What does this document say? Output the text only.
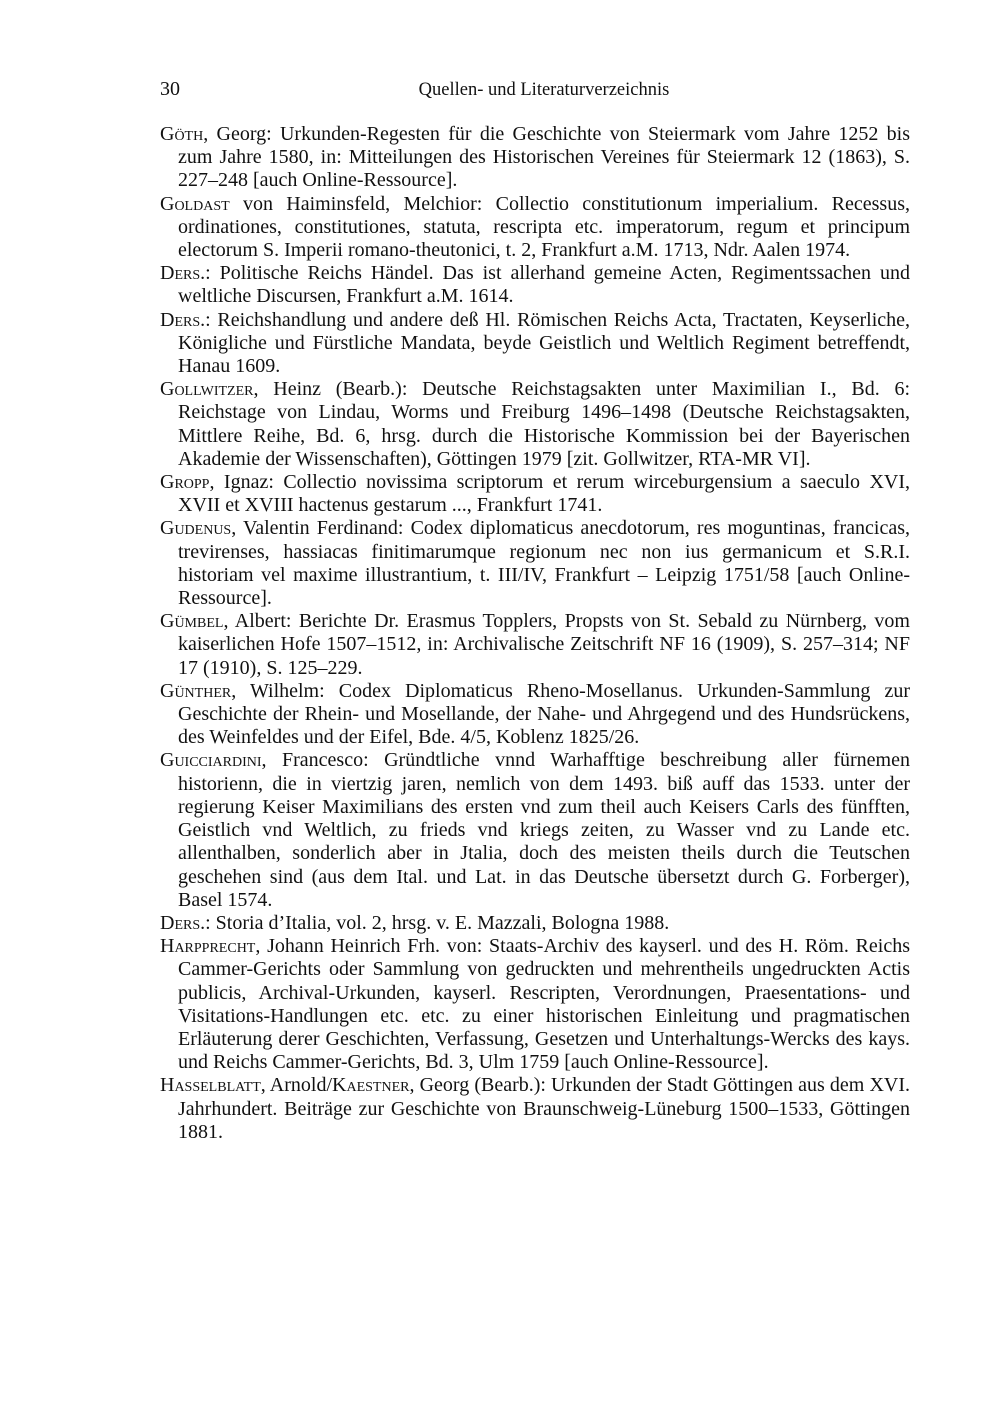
30	Quellen- und Literaturverzeichnis

Göth, Georg: Urkunden-Regesten für die Geschichte von Steiermark vom Jahre 1252 bis zum Jahre 1580, in: Mitteilungen des Historischen Vereines für Steiermark 12 (1863), S. 227–248 [auch Online-Ressource].

Goldast von Haiminsfeld, Melchior: Collectio constitutionum imperialium. Recessus, ordinationes, constitutiones, statuta, rescripta etc. imperatorum, regum et principum electorum S. Imperii romano-theutonici, t. 2, Frankfurt a.M. 1713, Ndr. Aalen 1974.

Ders.: Politische Reichs Händel. Das ist allerhand gemeine Acten, Regimentssachen und weltliche Discursen, Frankfurt a.M. 1614.

Ders.: Reichshandlung und andere deß Hl. Römischen Reichs Acta, Tractaten, Keyserliche, Königliche und Fürstliche Mandata, beyde Geistlich und Weltlich Regiment betreffendt, Hanau 1609.

Gollwitzer, Heinz (Bearb.): Deutsche Reichstagsakten unter Maximilian I., Bd. 6: Reichstage von Lindau, Worms und Freiburg 1496–1498 (Deutsche Reichstagsakten, Mittlere Reihe, Bd. 6, hrsg. durch die Historische Kommission bei der Bayerischen Akademie der Wissenschaften), Göttingen 1979 [zit. Gollwitzer, RTA-MR VI].

Gropp, Ignaz: Collectio novissima scriptorum et rerum wirceburgensium a saeculo XVI, XVII et XVIII hactenus gestarum ..., Frankfurt 1741.

Gudenus, Valentin Ferdinand: Codex diplomaticus anecdotorum, res moguntinas, francicas, trevirenses, hassiacas finitimarumque regionum nec non ius germanicum et S.R.I. historiam vel maxime illustrantium, t. III/IV, Frankfurt – Leipzig 1751/58 [auch Online-Ressource].

Gümbel, Albert: Berichte Dr. Erasmus Topplers, Propsts von St. Sebald zu Nürnberg, vom kaiserlichen Hofe 1507–1512, in: Archivalische Zeitschrift NF 16 (1909), S. 257–314; NF 17 (1910), S. 125–229.

Günther, Wilhelm: Codex Diplomaticus Rheno-Mosellanus. Urkunden-Sammlung zur Geschichte der Rhein- und Mosellande, der Nahe- und Ahrgegend und des Hundsrückens, des Weinfeldes und der Eifel, Bde. 4/5, Koblenz 1825/26.

Guicciardini, Francesco: Gründtliche vnnd Warhafftige beschreibung aller fürnemen historienn, die in viertzig jaren, nemlich von dem 1493. biß auff das 1533. unter der regierung Keiser Maximilians des ersten vnd zum theil auch Keisers Carls des fünfften, Geistlich vnd Weltlich, zu frieds vnd kriegs zeiten, zu Wasser vnd zu Lande etc. allenthalben, sonderlich aber in Jtalia, doch des meisten theils durch die Teutschen geschehen sind (aus dem Ital. und Lat. in das Deutsche übersetzt durch G. Forberger), Basel 1574.

Ders.: Storia d’Italia, vol. 2, hrsg. v. E. Mazzali, Bologna 1988.

Harpprecht, Johann Heinrich Frh. von: Staats-Archiv des kayserl. und des H. Röm. Reichs Cammer-Gerichts oder Sammlung von gedruckten und mehrentheils ungedruckten Actis publicis, Archival-Urkunden, kayserl. Rescripten, Verordnungen, Praesentations- und Visitations-Handlungen etc. etc. zu einer historischen Einleitung und pragmatischen Erläuterung derer Geschichten, Verfassung, Gesetzen und Unterhaltungs-Wercks des kays. und Reichs Cammer-Gerichts, Bd. 3, Ulm 1759 [auch Online-Ressource].

Hasselblatt, Arnold/Kaestner, Georg (Bearb.): Urkunden der Stadt Göttingen aus dem XVI. Jahrhundert. Beiträge zur Geschichte von Braunschweig-Lüneburg 1500–1533, Göttingen 1881.
